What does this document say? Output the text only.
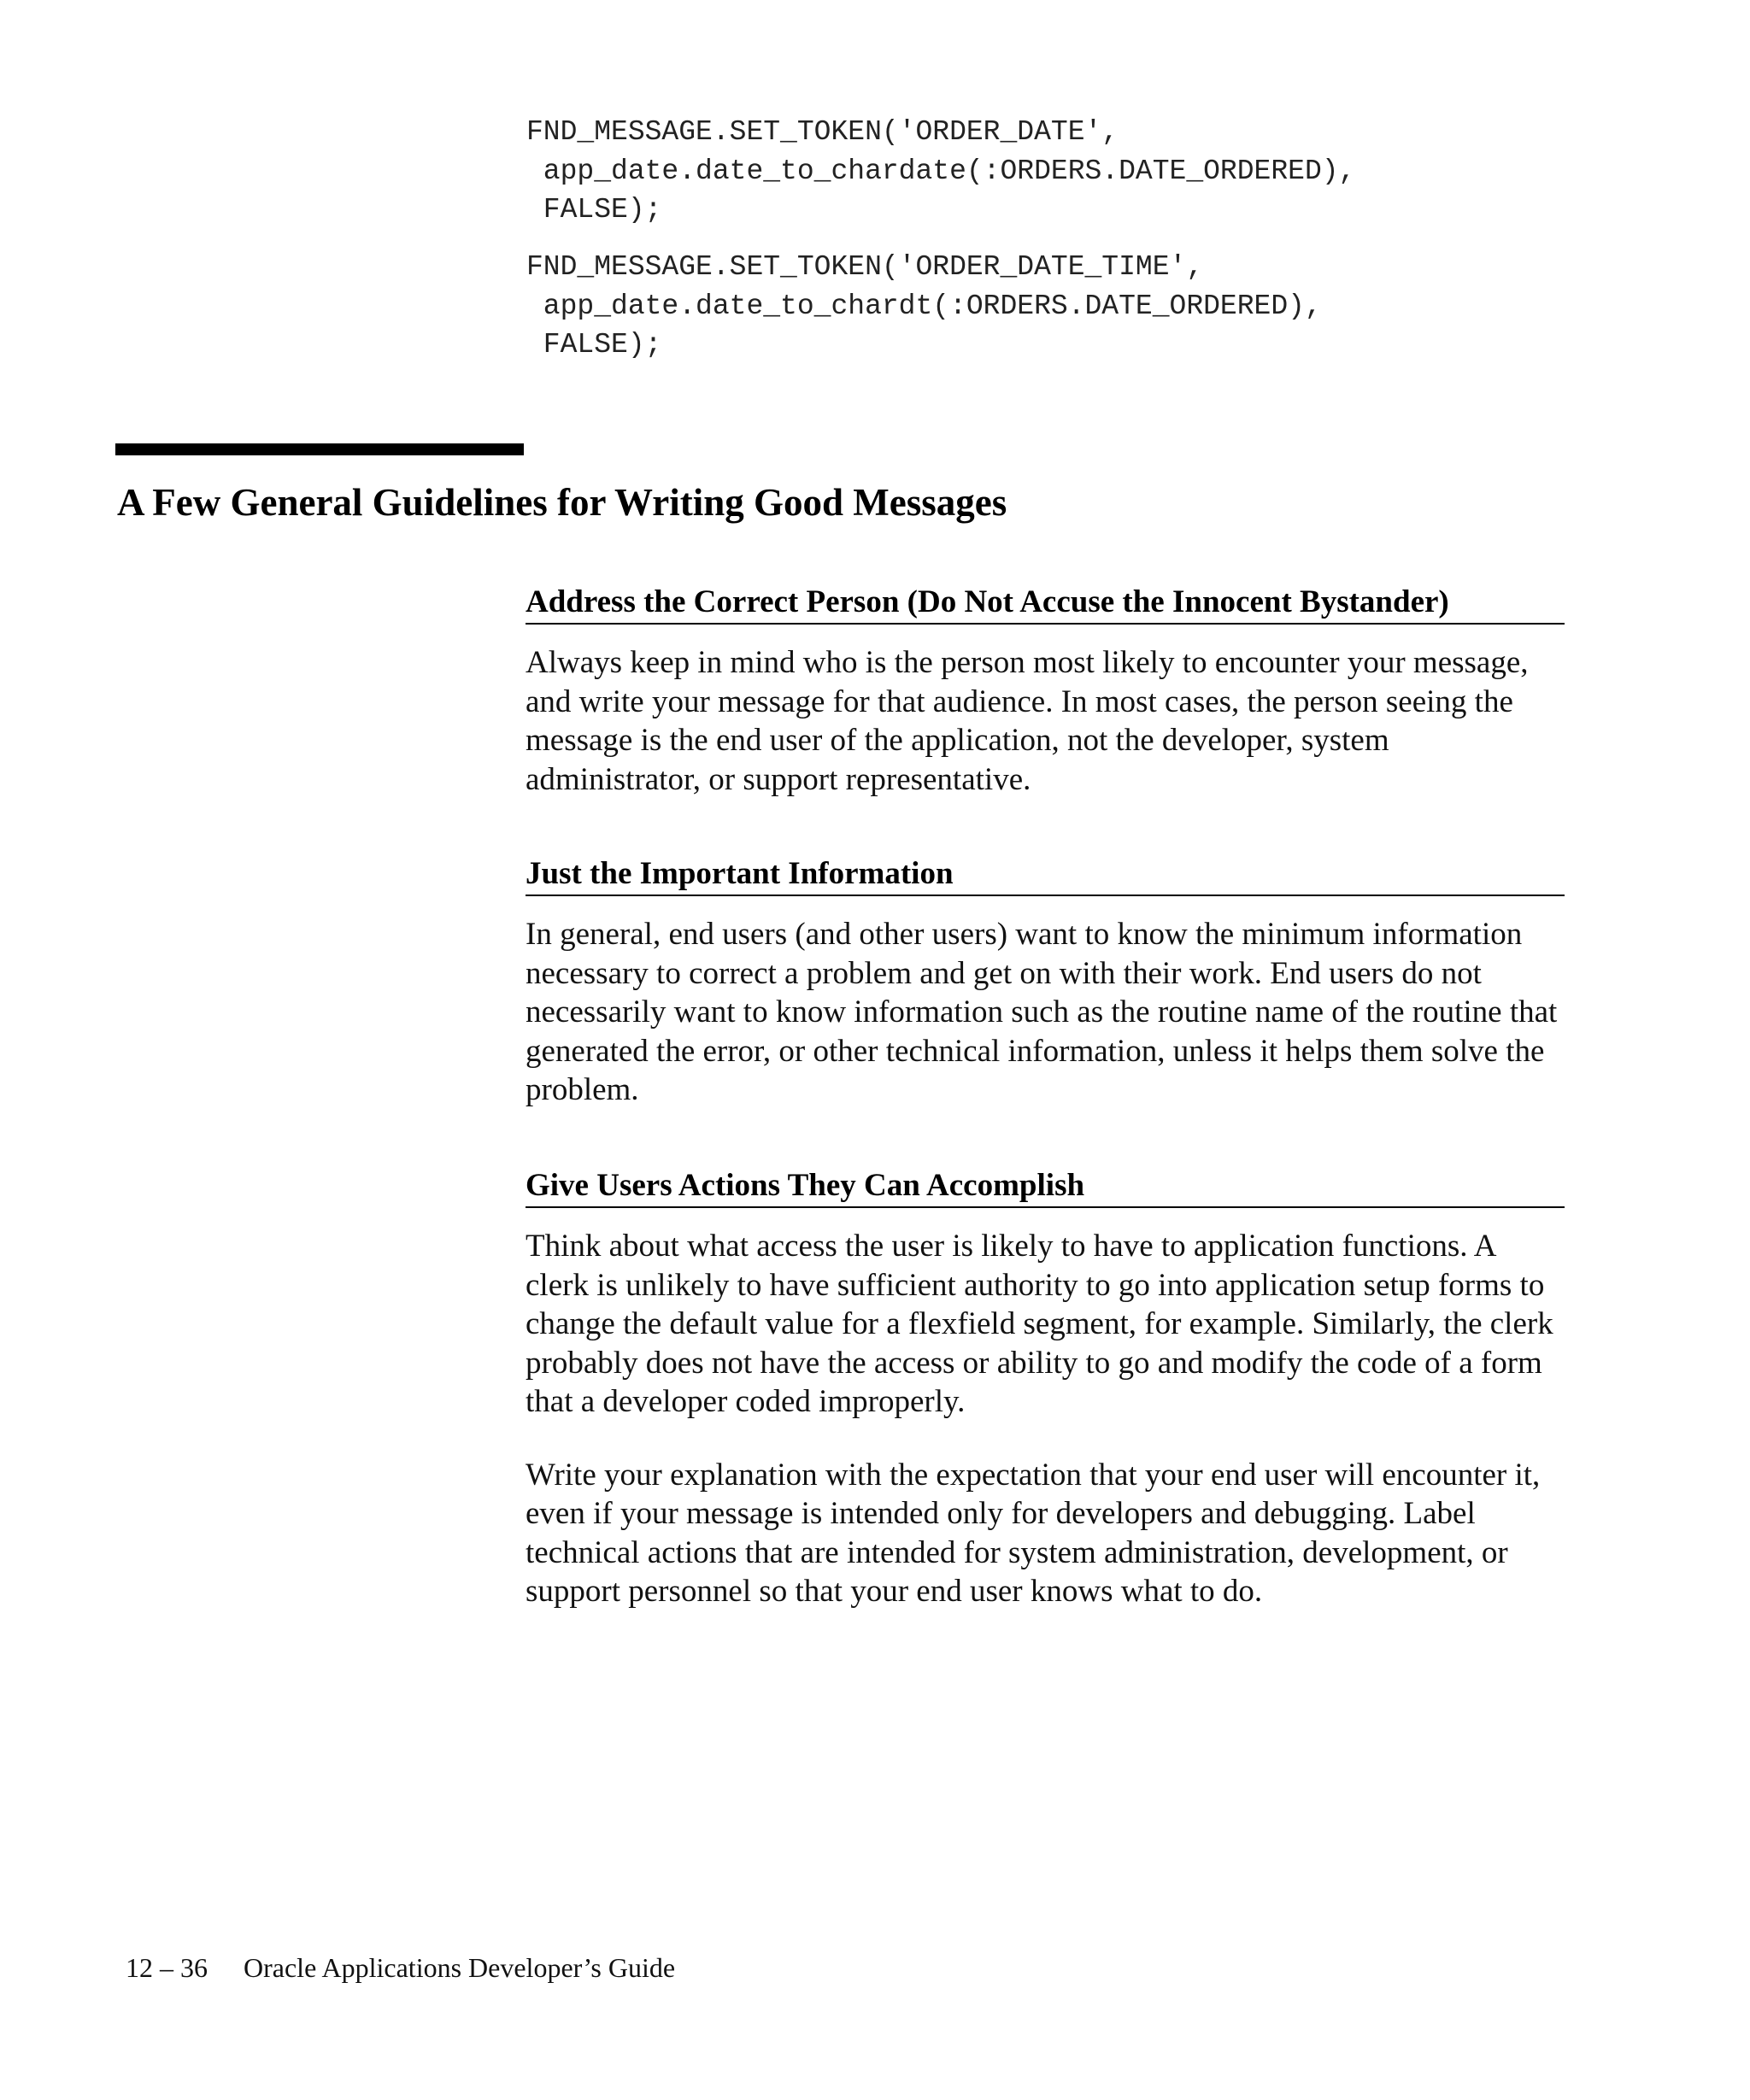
FND_MESSAGE.SET_TOKEN('ORDER_DATE',
app_date.date_to_chardate(:ORDERS.DATE_ORDERED),
FALSE);
FND_MESSAGE.SET_TOKEN('ORDER_DATE_TIME',
app_date.date_to_chardt(:ORDERS.DATE_ORDERED),
FALSE);
A Few General Guidelines for Writing Good Messages
Address the Correct Person (Do Not Accuse the Innocent Bystander)

Always keep in mind who is the person most likely to encounter your message, and write your message for that audience. In most cases, the person seeing the message is the end user of the application, not the developer, system administrator, or support representative.

Just the Important Information

In general, end users (and other users) want to know the minimum information necessary to correct a problem and get on with their work. End users do not necessarily want to know information such as the routine name of the routine that generated the error, or other technical information, unless it helps them solve the problem.

Give Users Actions They Can Accomplish

Think about what access the user is likely to have to application functions. A clerk is unlikely to have sufficient authority to go into application setup forms to change the default value for a flexfield segment, for example. Similarly, the clerk probably does not have the access or ability to go and modify the code of a form that a developer coded improperly.

Write your explanation with the expectation that your end user will encounter it, even if your message is intended only for developers and debugging. Label technical actions that are intended for system administration, development, or support personnel so that your end user knows what to do.

12 – 36 Oracle Applications Developer’s Guide
